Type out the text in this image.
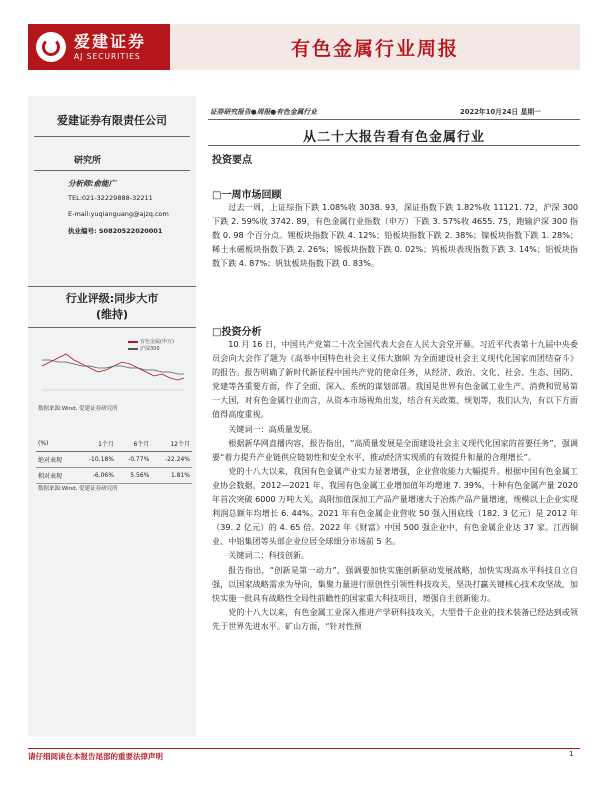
爱建证券
AJ SECURITIES	有色金属行业周报
爱建证券有限责任公司
研究所
分析师:俞能广
TEL:021-32229888-32211
E-mail:yuqianguang@ajzq.com
执业编号: S0820522020001
行业评级:同步大市
(维持)
有色金属(申万)
沪深300
数据来源:Wind, 爱建证券研究所
(%)	1个月	6个月	12个月
绝对表现	-10.18%	-0.77%	-22.24%
相对表现	-6.06%	5.56%	1.81%
数据来源:Wind, 爱建证券研究所
证券研究报告●周报●有色金属行业	2022年10月24日 星期一
从二十大报告看有色金属行业
投资要点
□一周市场回顾

过去一周，上证综指下跌 1.08%收 3038. 93，深证指数下跌 1.82%收 11121. 72，沪深 300 下跌 2. 59%收 3742. 89，有色金属行业指数（申万）下跌 3. 57%收 4655. 75，跑输沪深 300 指数 0. 98 个百分点。锂板块指数下跌 4. 12%；铅板块指数下跌 2. 38%；镍板块指数下跌 1. 28%；稀土永磁板块指数下跌 2. 26%；锡板块指数下跌 0. 02%；钨板块表现指数下跌 3. 14%；铝板块指数下跌 4. 87%；钒钛板块指数下跌 0. 83%。

□投资分析

10 月 16 日，中国共产党第二十次全国代表大会在人民大会堂开幕。习近平代表第十九届中央委员会向大会作了题为《高举中国特色社会主义伟大旗帜 为全面建设社会主义现代化国家而团结奋斗》的报告。报告明确了新时代新征程中国共产党的使命任务，从经济、政治、文化、社会、生态、国防、党建等各重要方面，作了全面、深入、系统的谋划部署。我国是世界有色金属工业生产、消费和贸易第一大国，对有色金属行业而言，从资本市场视角出发，结合有关政策、规划等，我们认为，有以下方面值得高度重视。

关键词一：高质量发展。

根据新华网直播内容，报告指出，“高质量发展是全面建设社会主义现代化国家的首要任务”，强调要“着力提升产业链供应链韧性和安全水平，推动经济实现质的有效提升和量的合理增长”。

党的十八大以来，我国有色金属产业实力显著增强，企业营收能力大幅提升。根据中国有色金属工业协会数据，2012—2021 年，我国有色金属工业增加值年均增速 7. 39%，十种有色金属产量 2020 年首次突破 6000 万吨大关，高附加值深加工产品产量增速大于冶炼产品产量增速，规模以上企业实现利润总额年均增长 6. 44%。2021 年有色金属企业营收 50 强入围底线（182. 3 亿元）是 2012 年（39. 2 亿元）的 4. 65 倍。2022 年《财富》中国 500 强企业中，有色金属企业达 37 家。江西铜业、中铝集团等头部企业位居全球细分市场前 5 名。

关键词二：科技创新。

报告指出，“创新是第一动力”，强调要加快实施创新驱动发展战略，加快实现高水平科技自立自强，以国家战略需求为导向，集聚力量进行原创性引领性科技攻关，坚决打赢关键核心技术攻坚战，加快实施一批具有战略性全局性前瞻性的国家重大科技项目，增强自主创新能力。

党的十八大以来，有色金属工业深入推进产学研科技攻关，大型骨干企业的技术装备已经达到或领先于世界先进水平。矿山方面，“针对性预

请仔细阅读在本报告尾部的重要法律声明	1
